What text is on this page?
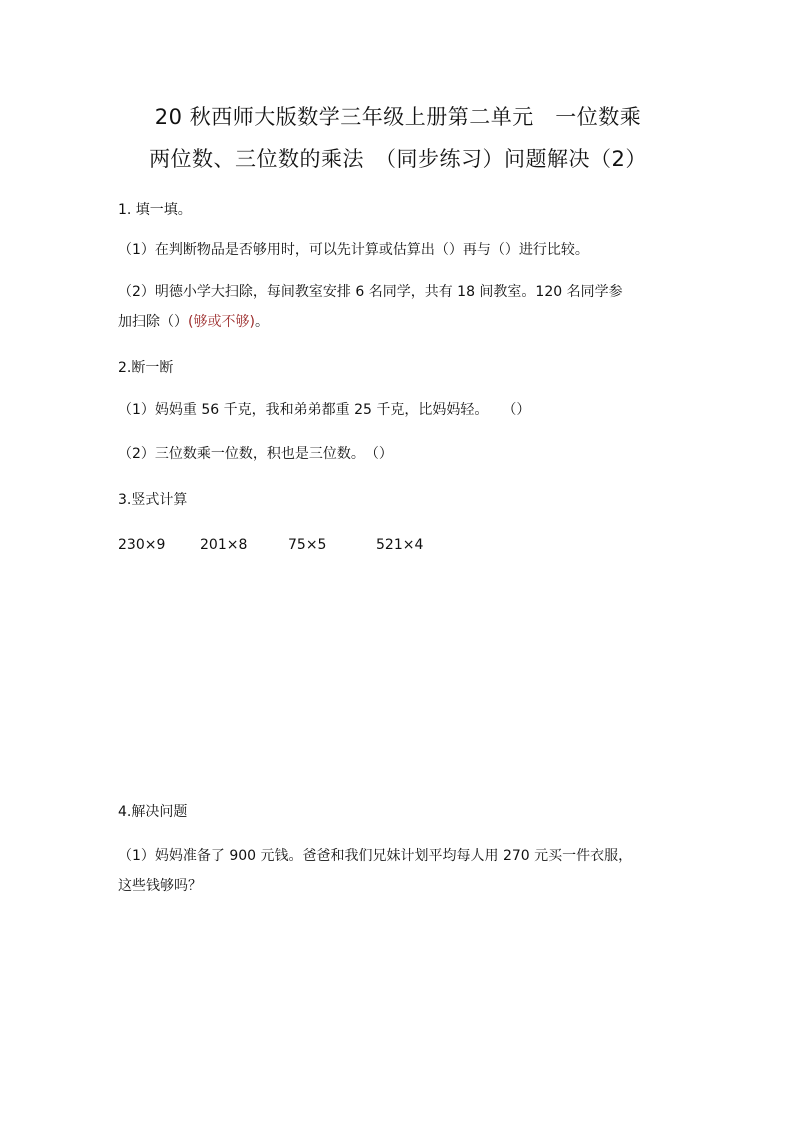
20 秋西师大版数学三年级上册第二单元　一位数乘
两位数、三位数的乘法　（同步练习）问题解决（2）
1. 填一填。
（1）在判断物品是否够用时，可以先计算或估算出（）再与（）进行比较。
（2）明德小学大扫除，每间教室安排 6 名同学，共有 18 间教室。120 名同学参
加扫除（）(够或不够)。
2.断一断
（1）妈妈重 56 千克，我和弟弟都重 25 千克，比妈妈轻。　　（）
（2）三位数乘一位数，积也是三位数。　（）
3.竖式计算
230×9 201×8	75×5	521×4
4.解决问题
（1）妈妈准备了 900 元钱。爸爸和我们兄妹计划平均每人用 270 元买一件衣服，
这些钱够吗？
